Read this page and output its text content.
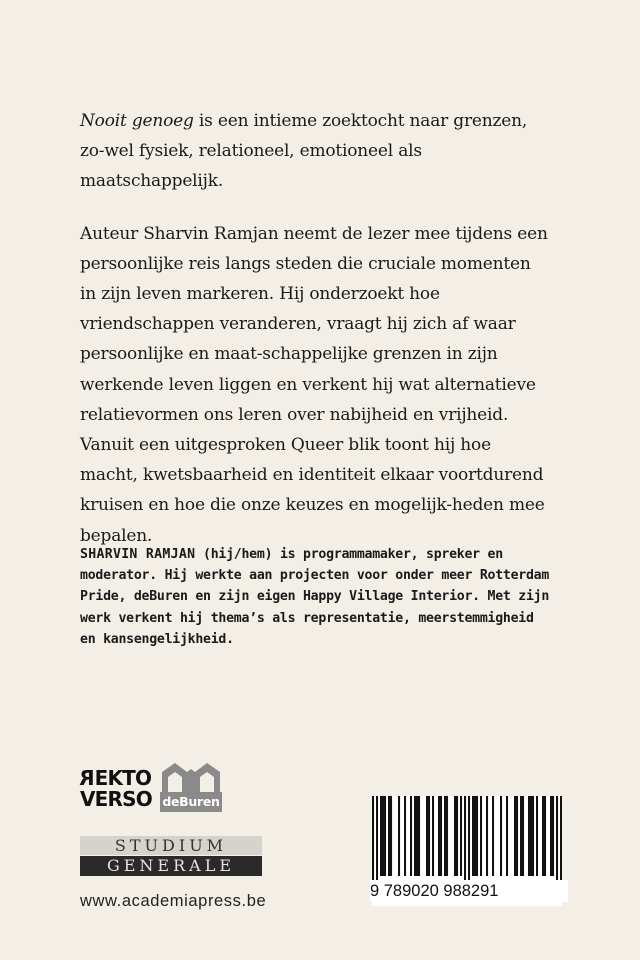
Nooit genoeg is een intieme zoektocht naar grenzen, zo-wel fysiek, relationeel, emotioneel als maatschappelijk.

Auteur Sharvin Ramjan neemt de lezer mee tijdens een persoonlijke reis langs steden die cruciale momenten in zijn leven markeren. Hij onderzoekt hoe vriendschappen veranderen, vraagt hij zich af waar persoonlijke en maat-schappelijke grenzen in zijn werkende leven liggen en verkent hij wat alternatieve relatievormen ons leren over nabijheid en vrijheid. Vanuit een uitgesproken Queer blik toont hij hoe macht, kwetsbaarheid en identiteit elkaar voortdurend kruisen en hoe die onze keuzes en mogelijk-heden mee bepalen.

SHARVIN RAMJAN (hij/hem) is programmamaker, spreker en moderator. Hij werkte aan projecten voor onder meer Rotterdam Pride, deBuren en zijn eigen Happy Village Interior. Met zijn werk verkent hij thema’s als representatie, meerstemmigheid en kansengelijkheid.
REKTO
VERSO deBuren
STUDIUM
GENERALE
www.academiapress.be
9 789020 988291
